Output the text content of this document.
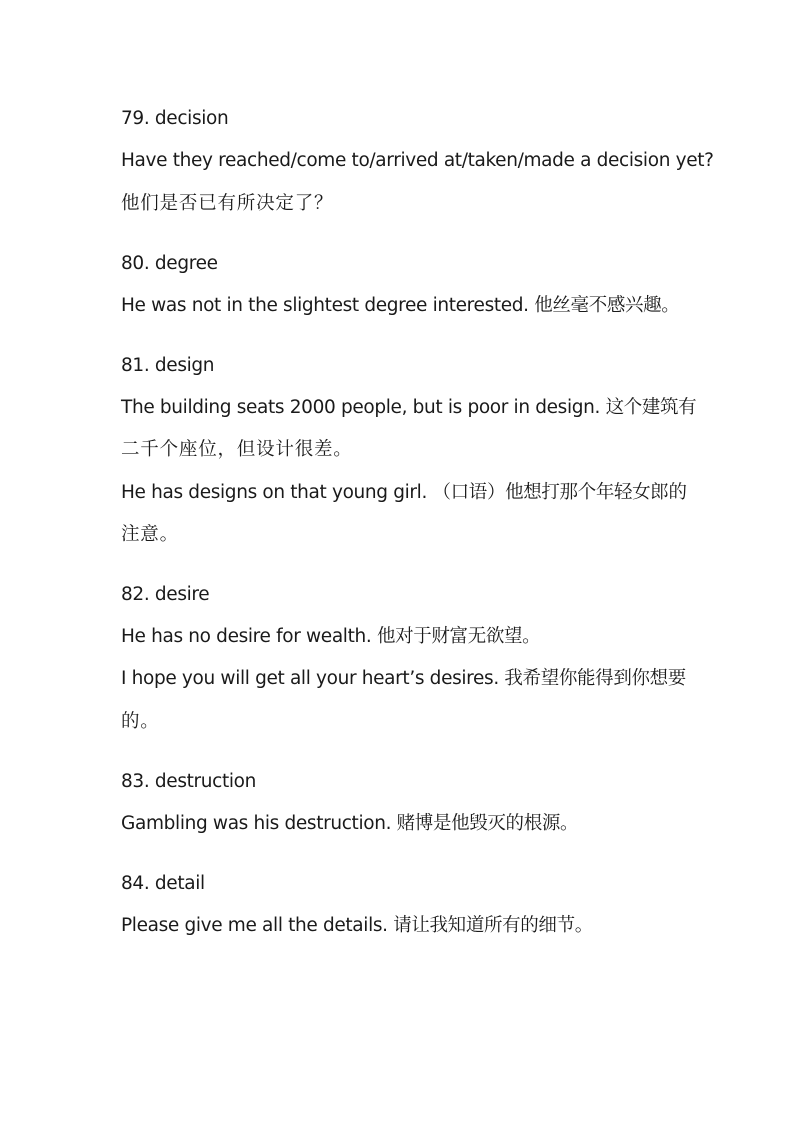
79. decision
Have they reached/come to/arrived at/taken/made a decision yet?
他们是否已有所决定了？
80. degree
He was not in the slightest degree interested. 他丝毫不感兴趣。
81. design
The building seats 2000 people, but is poor in design. 这个建筑有
二千个座位，但设计很差。
He has designs on that young girl. （口语）他想打那个年轻女郎的
注意。
82. desire
He has no desire for wealth. 他对于财富无欲望。
I hope you will get all your heart’s desires. 我希望你能得到你想要
的。
83. destruction
Gambling was his destruction. 赌博是他毁灭的根源。
84. detail
Please give me all the details. 请让我知道所有的细节。
